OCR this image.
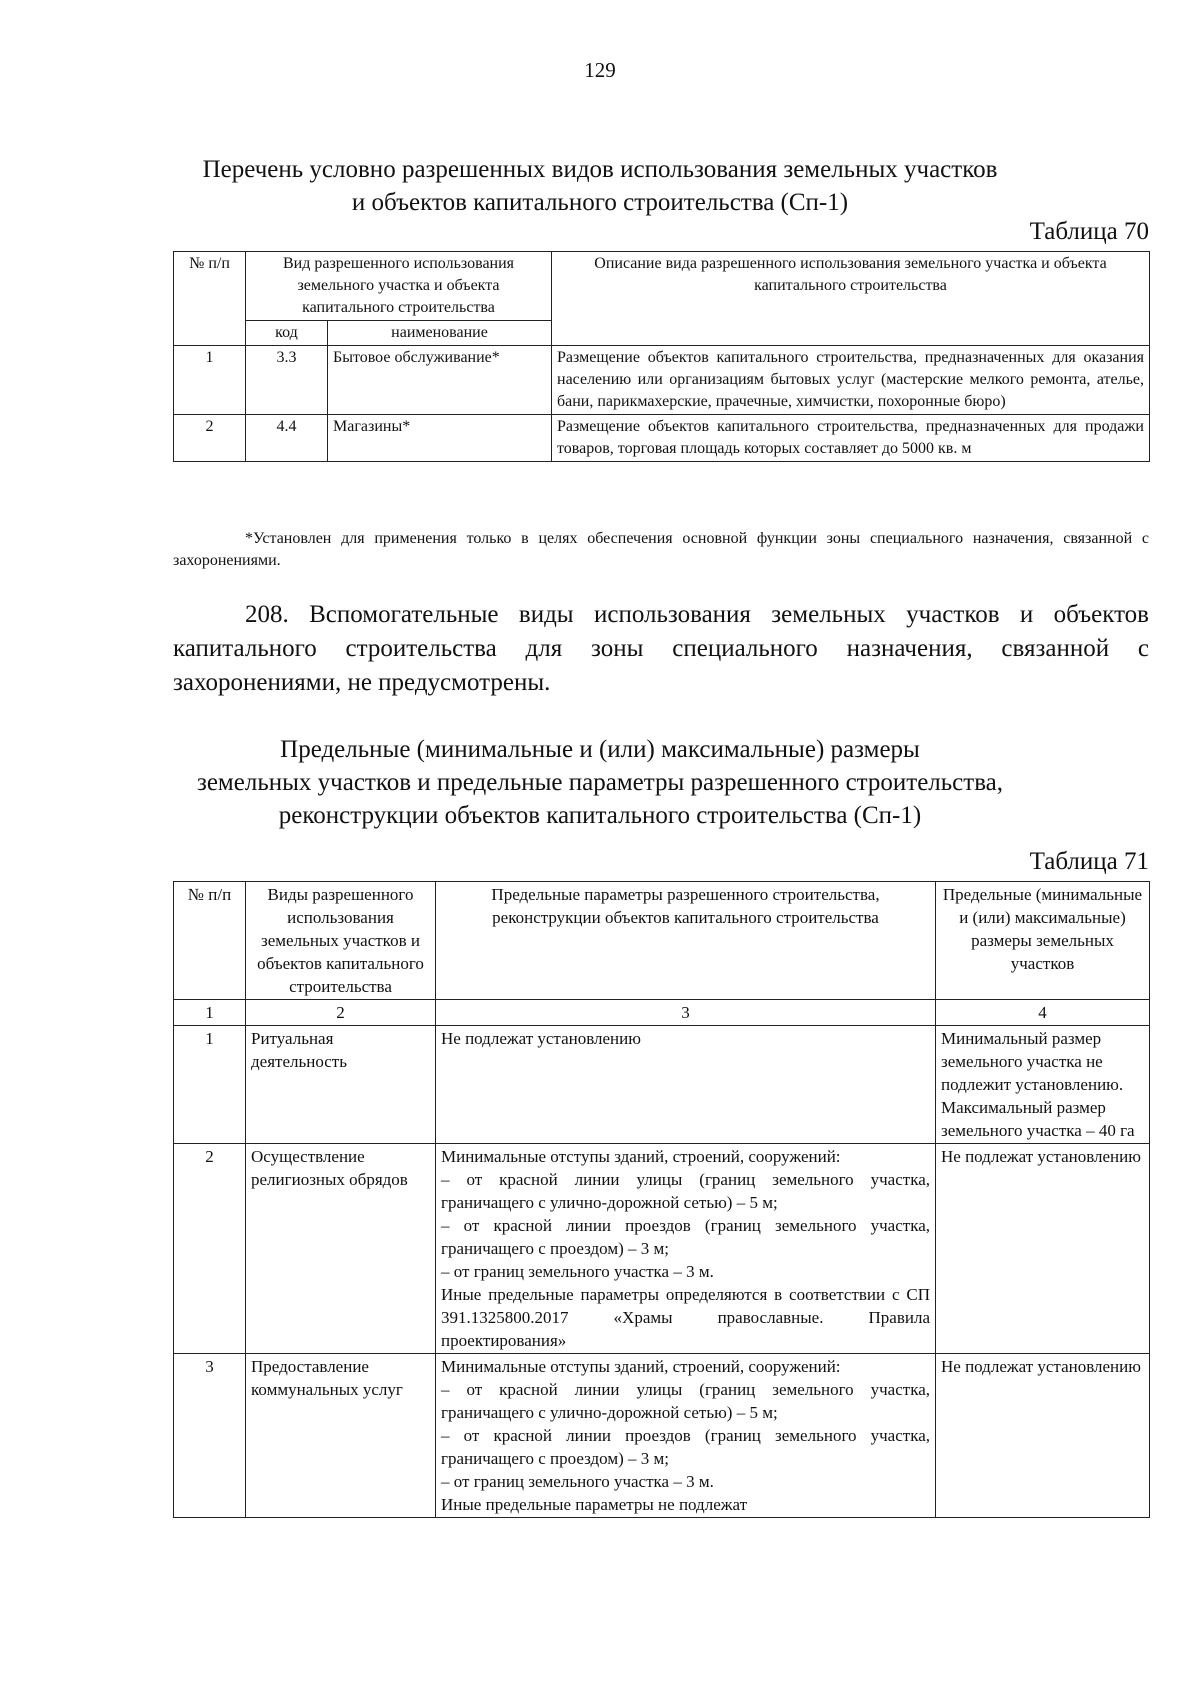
129
Перечень условно разрешенных видов использования земельных участков
и объектов капитального строительства (Сп-1)
Таблица 70
№ п/п	Вид разрешенного использования земельного участка и объекта капитального строительства		Описание вида разрешенного использования земельного участка и объекта капитального строительства
	код	наименование	
1	3.3	Бытовое обслуживание*	Размещение объектов капитального строительства, предназначенных для оказания населению или организациям бытовых услуг (мастерские мелкого ремонта, ателье, бани, парикмахерские, прачечные, химчистки, похоронные бюро)
2	4.4	Магазины*	Размещение объектов капитального строительства, предназначенных для продажи товаров, торговая площадь которых составляет до 5000 кв. м
*Установлен для применения только в целях обеспечения основной функции зоны специального назначения, связанной с захоронениями.
208. Вспомогательные виды использования земельных участков и объектов капитального строительства для зоны специального назначения, связанной с захоронениями, не предусмотрены.
Предельные (минимальные и (или) максимальные) размеры
земельных участков и предельные параметры разрешенного строительства,
реконструкции объектов капитального строительства (Сп-1)
Таблица 71
№ п/п	Виды разрешенного использования земельных участков и объектов капитального строительства	Предельные параметры разрешенного строительства, реконструкции объектов капитального строительства	Предельные (минимальные и (или) максимальные) размеры земельных участков
1	2	3	4
1	Ритуальная деятельность	Не подлежат установлению	Минимальный размер земельного участка не подлежит установлению.
Максимальный размер земельного участка – 40 га

2	Осуществление религиозных обрядов	Минимальные отступы зданий, строений, сооружений:
– от красной линии улицы (границ земельного участка, граничащего с улично-дорожной сетью) – 5 м;
– от красной линии проездов (границ земельного участка, граничащего с проездом) – 3 м;
– от границ земельного участка – 3 м.
Иные предельные параметры определяются в соответствии с СП 391.1325800.2017 «Храмы православные. Правила проектирования»	Не подлежат установлению

3	Предоставление коммунальных услуг	Минимальные отступы зданий, строений, сооружений:
– от красной линии улицы (границ земельного участка, граничащего с улично-дорожной сетью) – 5 м;
– от красной линии проездов (границ земельного участка, граничащего с проездом) – 3 м;
– от границ земельного участка – 3 м.
Иные предельные параметры не подлежат	Не подлежат установлению
